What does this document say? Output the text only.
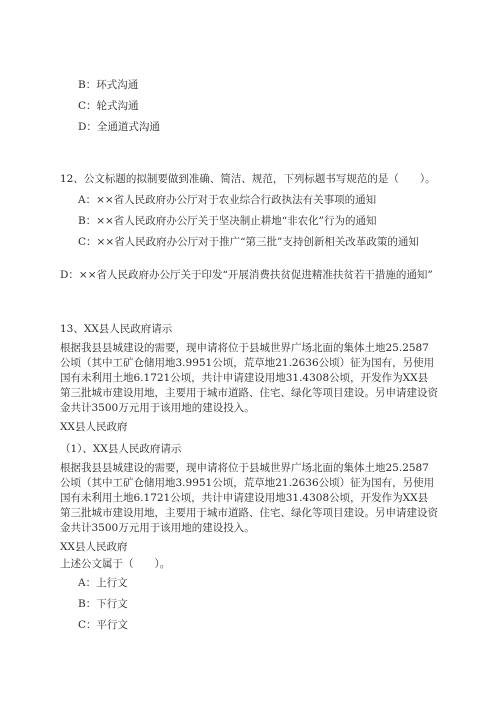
B：环式沟通
C：轮式沟通
D：全通道式沟通
12、公文标题的拟制要做到准确、简洁、规范，下列标题书写规范的是（　　）。
A：××省人民政府办公厅对于农业综合行政执法有关事项的通知
B：××省人民政府办公厅关于坚决制止耕地“非农化”行为的通知
C：××省人民政府办公厅对于推广“第三批”支持创新相关改革政策的通知
D：××省人民政府办公厅关于印发“开展消费扶贫促进精准扶贫若干措施的通知”
13、XX县人民政府请示
根据我县县城建设的需要，现申请将位于县城世界广场北面的集体土地25.2587公顷（其中工矿仓储用地3.9951公顷，荒草地21.2636公顷）征为国有，另使用国有未利用土地6.1721公顷，共计申请建设用地31.4308公顷，开发作为XX县第三批城市建设用地，主要用于城市道路、住宅、绿化等项目建设。另申请建设资金共计3500万元用于该用地的建设投入。
XX县人民政府
（1）、XX县人民政府请示
根据我县县城建设的需要，现申请将位于县城世界广场北面的集体土地25.2587公顷（其中工矿仓储用地3.9951公顷，荒草地21.2636公顷）征为国有，另使用国有未利用土地6.1721公顷，共计申请建设用地31.4308公顷，开发作为XX县第三批城市建设用地，主要用于城市道路、住宅、绿化等项目建设。另申请建设资金共计3500万元用于该用地的建设投入。
XX县人民政府
上述公文属于（　　）。
A：上行文
B：下行文
C：平行文
